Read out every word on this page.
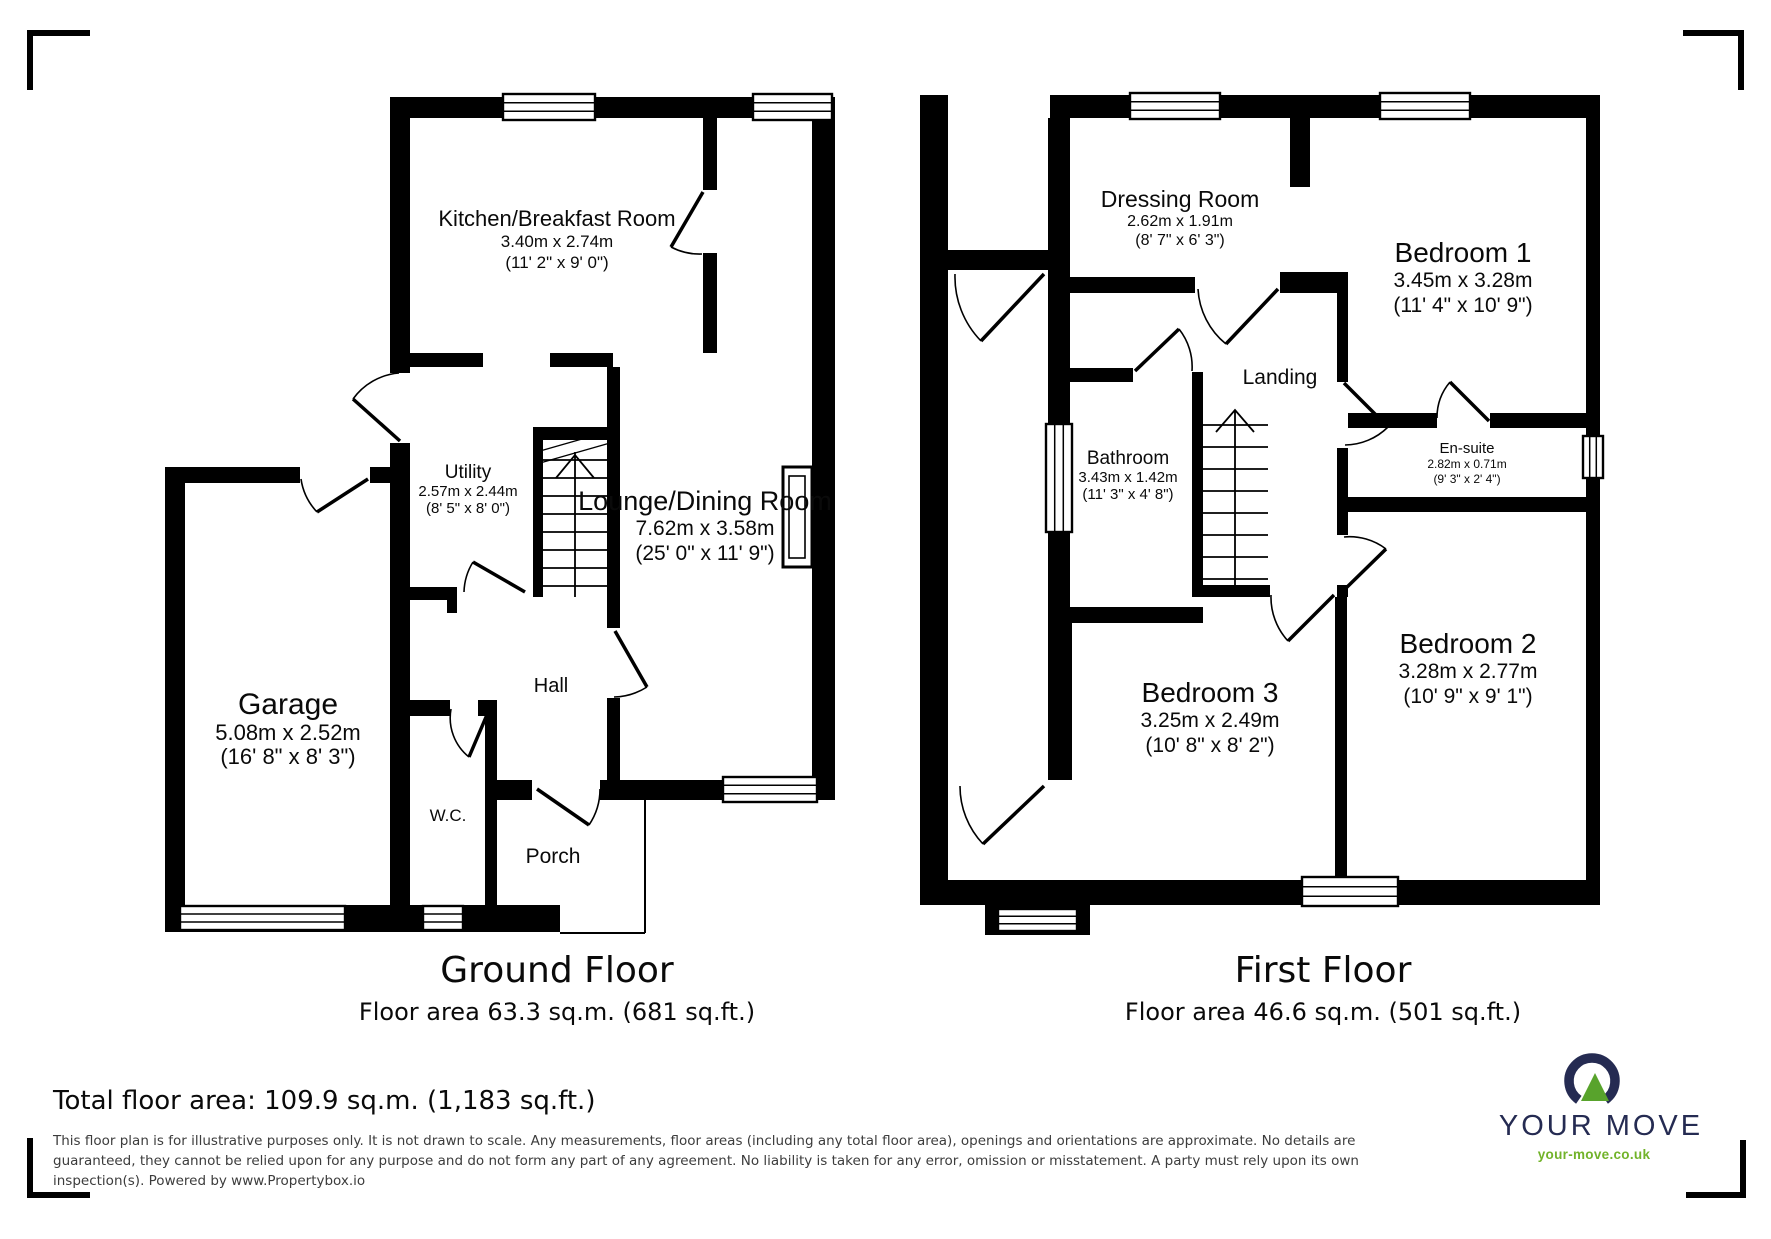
Kitchen/Breakfast Room
3.40m x 2.74m
(11' 2" x 9' 0")
Lounge/Dining Room
7.62m x 3.58m
(25' 0" x 11' 9")
Utility
2.57m x 2.44m
(8' 5" x 8' 0")
Garage
5.08m x 2.52m
(16' 8" x 8' 3")
Hall
W.C.
Porch
Dressing Room
2.62m x 1.91m
(8' 7" x 6' 3")	Bedroom 1
3.45m x 3.28m
(11' 4" x 10' 9")
Landing
Bathroom
3.43m x 1.42m
(11' 3" x 4' 8")
En-suite
2.82m x 0.71m
(9' 3" x 2' 4")
Bedroom 2
3.28m x 2.77m
(10' 9" x 9' 1")
Bedroom 3
3.25m x 2.49m
(10' 8" x 8' 2")
Ground Floor
Floor area 63.3 sq.m. (681 sq.ft.)
First Floor
Floor area 46.6 sq.m. (501 sq.ft.)
Total floor area: 109.9 sq.m. (1,183 sq.ft.)
This floor plan is for illustrative purposes only. It is not drawn to scale. Any measurements, floor areas (including any total floor area), openings and orientations are approximate. No details are
guaranteed, they cannot be relied upon for any purpose and do not form any part of any agreement. No liability is taken for any error, omission or misstatement. A party must rely upon its own
inspection(s). Powered by www.Propertybox.io
YOUR MOVE
your-move.co.uk
